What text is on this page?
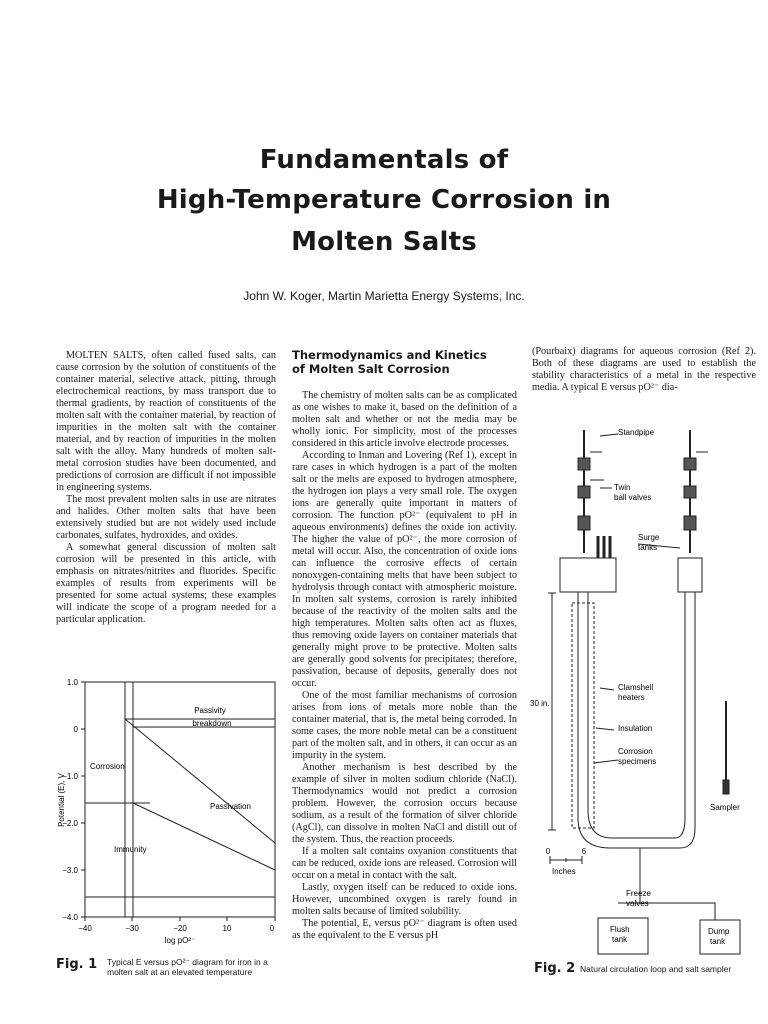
Fundamentals of
High-Temperature Corrosion in
Molten Salts
John W. Koger, Martin Marietta Energy Systems, Inc.

MOLTEN SALTS, often called fused salts, can cause corrosion by the solution of constituents of the container material, selective attack, pitting, through electrochemical reactions, by mass transport due to thermal gradients, by reaction of constituents of the molten salt with the container material, by reaction of impurities in the molten salt with the container material, and by reaction of impurities in the molten salt with the alloy. Many hundreds of molten salt-metal corrosion studies have been documented, and predictions of corrosion are difficult if not impossible in engineering systems.

The most prevalent molten salts in use are nitrates and halides. Other molten salts that have been extensively studied but are not widely used include carbonates, sulfates, hydroxides, and oxides.

A somewhat general discussion of molten salt corrosion will be presented in this article, with emphasis on nitrates/nitrites and fluorides. Specific examples of results from experiments will be presented for some actual systems; these examples will indicate the scope of a program needed for a particular application.

Thermodynamics and Kinetics
of Molten Salt Corrosion

The chemistry of molten salts can be as complicated as one wishes to make it, based on the definition of a molten salt and whether or not the media may be wholly ionic. For simplicity, most of the processes considered in this article involve electrode processes.

According to Inman and Lovering (Ref 1), except in rare cases in which hydrogen is a part of the molten salt or the melts are exposed to hydrogen atmosphere, the hydrogen ion plays a very small role. The oxygen ions are generally quite important in matters of corrosion. The function pO²⁻ (equivalent to pH in aqueous environments) defines the oxide ion activity. The higher the value of pO²⁻, the more corrosion of metal will occur. Also, the concentration of oxide ions can influence the corrosive effects of certain nonoxygen-containing melts that have been subject to hydrolysis through contact with atmospheric moisture. In molten salt systems, corrosion is rarely inhibited because of the reactivity of the molten salts and the high temperatures. Molten salts often act as fluxes, thus removing oxide layers on container materials that generally might prove to be protective. Molten salts are generally good solvents for precipitates; therefore, passivation, because of deposits, generally does not occur.

One of the most familiar mechanisms of corrosion arises from ions of metals more noble than the container material, that is, the metal being corroded. In some cases, the more noble metal can be a constituent part of the molten salt, and in others, it can occur as an impurity in the system.

Another mechanism is best described by the example of silver in molten sodium chloride (NaCl). Thermodynamics would not predict a corrosion problem. However, the corrosion occurs because sodium, as a result of the formation of silver chloride (AgCl), can dissolve in molten NaCl and distill out of the system. Thus, the reaction proceeds.

If a molten salt contains oxyanion constituents that can be reduced, oxide ions are released. Corrosion will occur on a metal in contact with the salt.

Lastly, oxygen itself can be reduced to oxide ions. However, uncombined oxygen is rarely found in molten salts because of limited solubility.

The potential, E, versus pO²⁻ diagram is often used as the equivalent to the E versus pH

(Pourbaix) diagrams for aqueous corrosion (Ref 2). Both of these diagrams are used to establish the stability characteristics of a metal in the respective media. A typical E versus pO²⁻ dia-

1.0
0
−1.0
−2.0
−3.0
−4.0
−40	−30	−20	10	0
log pO²⁻
Potential (E), V
Passivity
breakdown
Corrosion
Passivation
Immunity
Fig. 1 Typical E versus pO²⁻ diagram for iron in a molten salt at an elevated temperature
Standpipe
Twin
ball valves
Surge
tanks
Clamshell
heaters
30 in.
Insulation
Corrosion
specimens
Sampler
0	6
Inches
Freeze
valves
Flush
tank
Dump
tank
Fig. 2 Natural circulation loop and salt sampler
